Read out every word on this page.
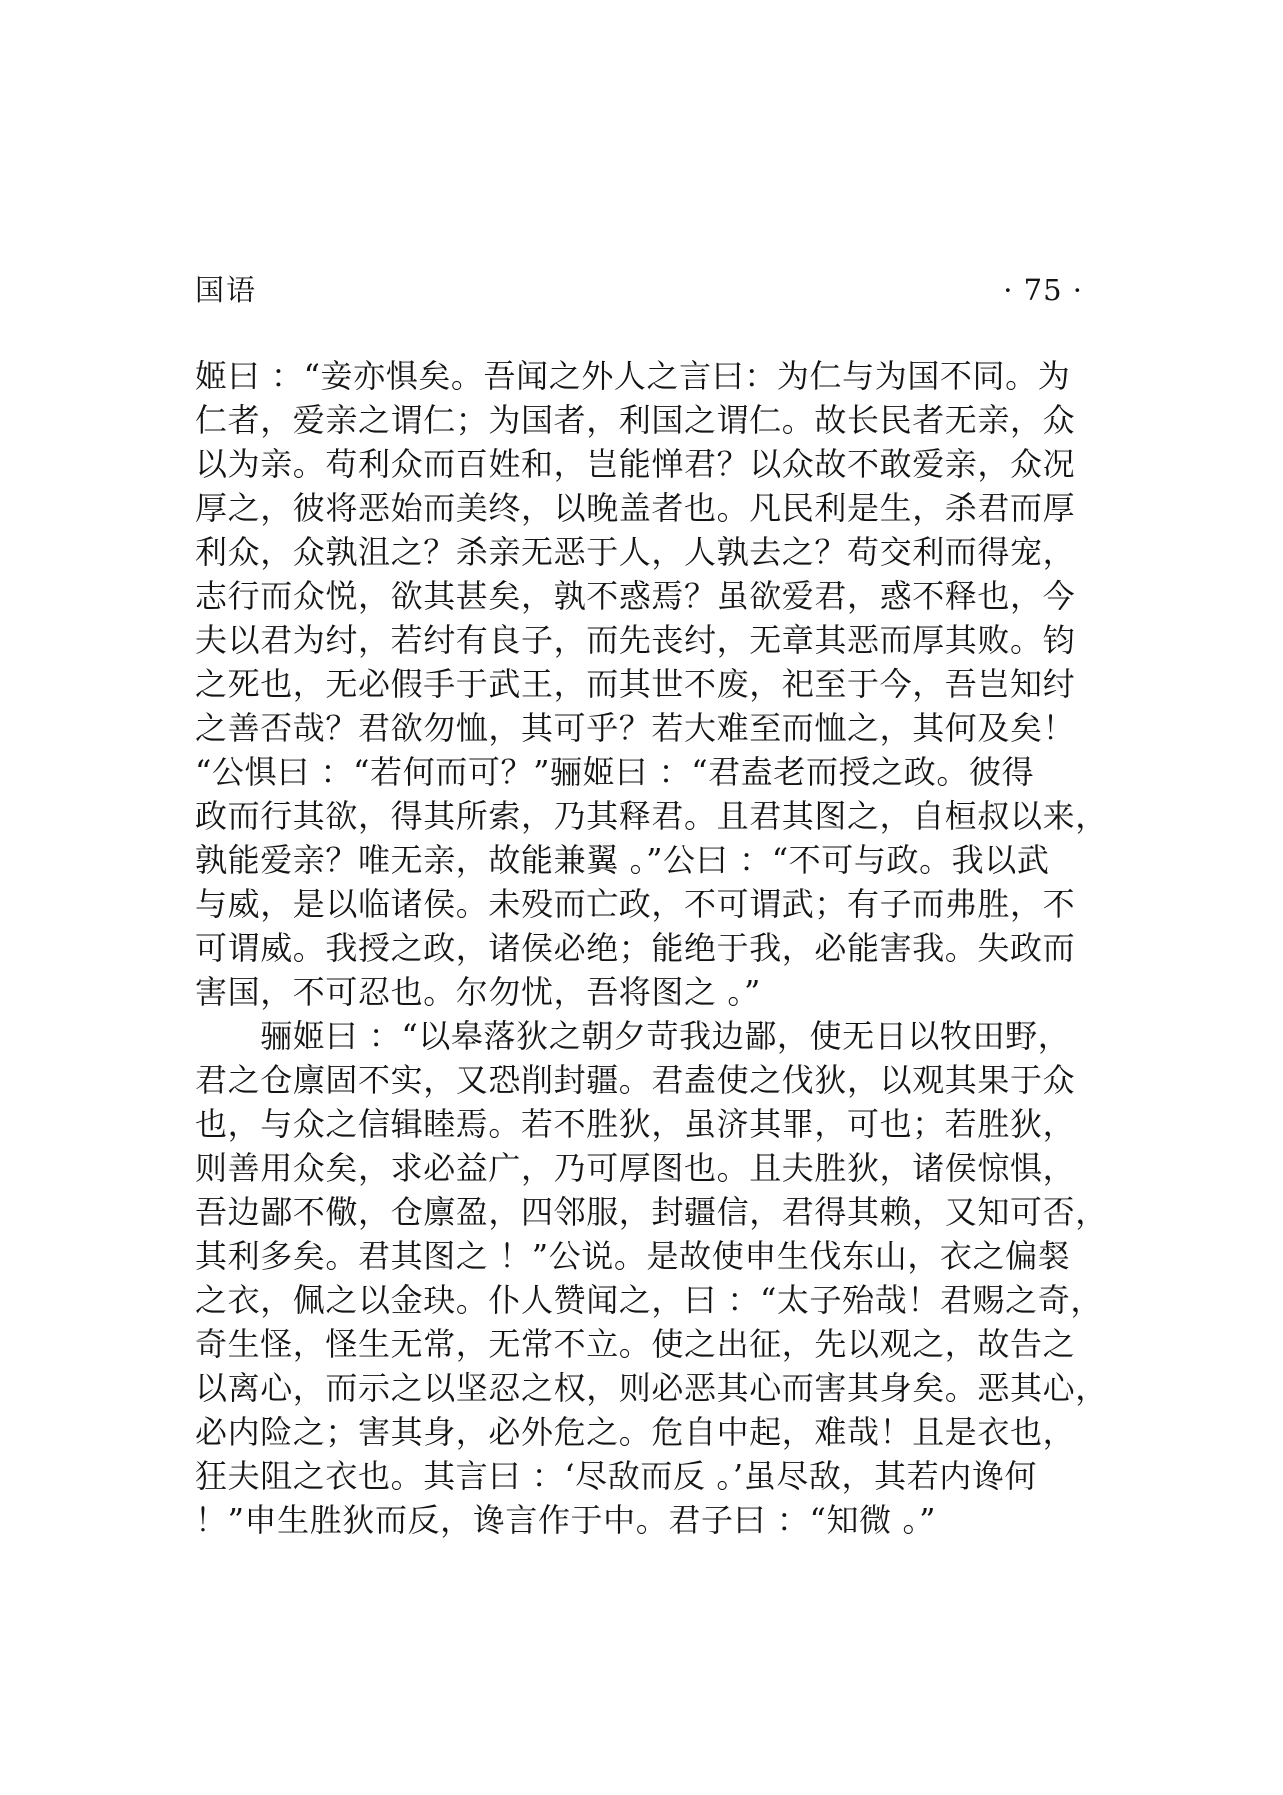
国语	· 75 ·
姬曰 ：“妾亦惧矣。吾闻之外人之言曰：为仁与为国不同。为
仁者，爱亲之谓仁；为国者，利国之谓仁。故长民者无亲，众
以为亲。苟利众而百姓和，岂能惮君？以众故不敢爱亲，众况
厚之，彼将恶始而美终，以晚盖者也。凡民利是生，杀君而厚
利众，众孰沮之？杀亲无恶于人，人孰去之？苟交利而得宠，
志行而众悦，欲其甚矣，孰不惑焉？虽欲爱君，惑不释也，今
夫以君为纣，若纣有良子，而先丧纣，无章其恶而厚其败。钧
之死也，无必假手于武王，而其世不废，祀至于今，吾岂知纣
之善否哉？君欲勿恤，其可乎？若大难至而恤之，其何及矣！
“公惧曰 ：“若何而可？”骊姬曰 ：“君盍老而授之政。彼得
政而行其欲，得其所索，乃其释君。且君其图之，自桓叔以来，
孰能爱亲？唯无亲，故能兼翼 。”公曰 ：“不可与政。我以武
与威，是以临诸侯。未殁而亡政，不可谓武；有子而弗胜，不
可谓威。我授之政，诸侯必绝；能绝于我，必能害我。失政而
害国，不可忍也。尔勿忧，吾将图之 。”
　　骊姬曰 ：“以皋落狄之朝夕苛我边鄙，使无日以牧田野，
君之仓廪固不实，又恐削封疆。君盍使之伐狄，以观其果于众
也，与众之信辑睦焉。若不胜狄，虽济其罪，可也；若胜狄，
则善用众矣，求必益广，乃可厚图也。且夫胜狄，诸侯惊惧，
吾边鄙不儆，仓廪盈，四邻服，封疆信，君得其赖，又知可否，
其利多矣。君其图之 ！”公说。是故使申生伐东山，衣之偏裻
之衣，佩之以金玦。仆人赞闻之，曰 ：“太子殆哉！君赐之奇，
奇生怪，怪生无常，无常不立。使之出征，先以观之，故告之
以离心，而示之以坚忍之权，则必恶其心而害其身矣。恶其心，
必内险之；害其身，必外危之。危自中起，难哉！且是衣也，
狂夫阻之衣也。其言曰 ：‘尽敌而反 。’虽尽敌，其若内谗何
！”申生胜狄而反，谗言作于中。君子曰 ：“知微 。”
